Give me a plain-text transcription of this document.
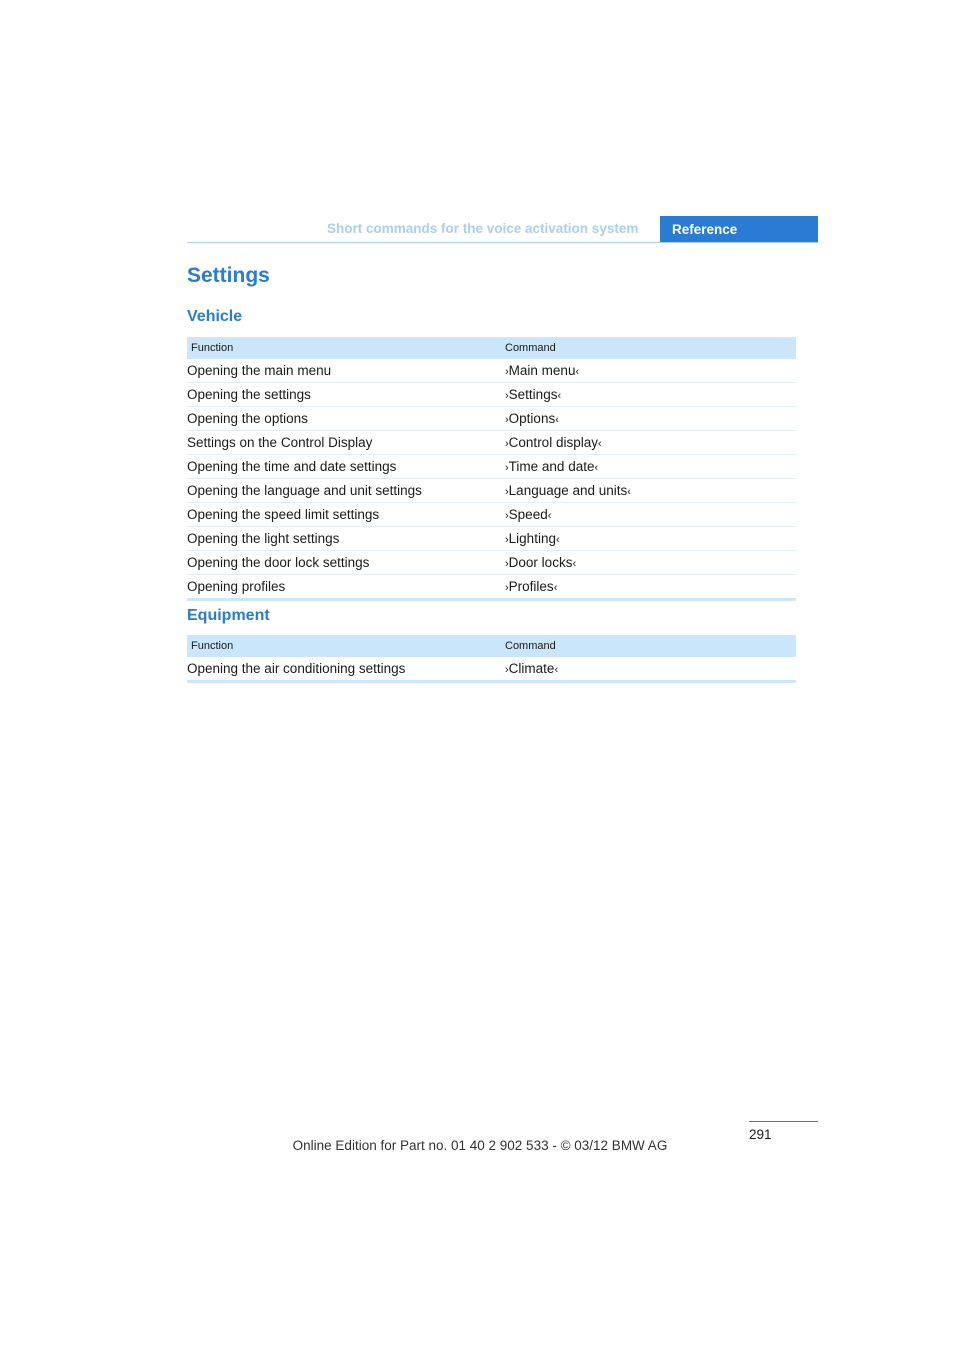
Short commands for the voice activation system	Reference
Settings
Vehicle
Function	Command
Opening the main menu	›Main menu‹
Opening the settings	›Settings‹
Opening the options	›Options‹
Settings on the Control Display	›Control display‹
Opening the time and date settings	›Time and date‹
Opening the language and unit settings	›Language and units‹
Opening the speed limit settings	›Speed‹
Opening the light settings	›Lighting‹
Opening the door lock settings	›Door locks‹
Opening profiles	›Profiles‹
Equipment
Function	Command
Opening the air conditioning settings	›Climate‹
291
Online Edition for Part no. 01 40 2 902 533 - © 03/12 BMW AG
